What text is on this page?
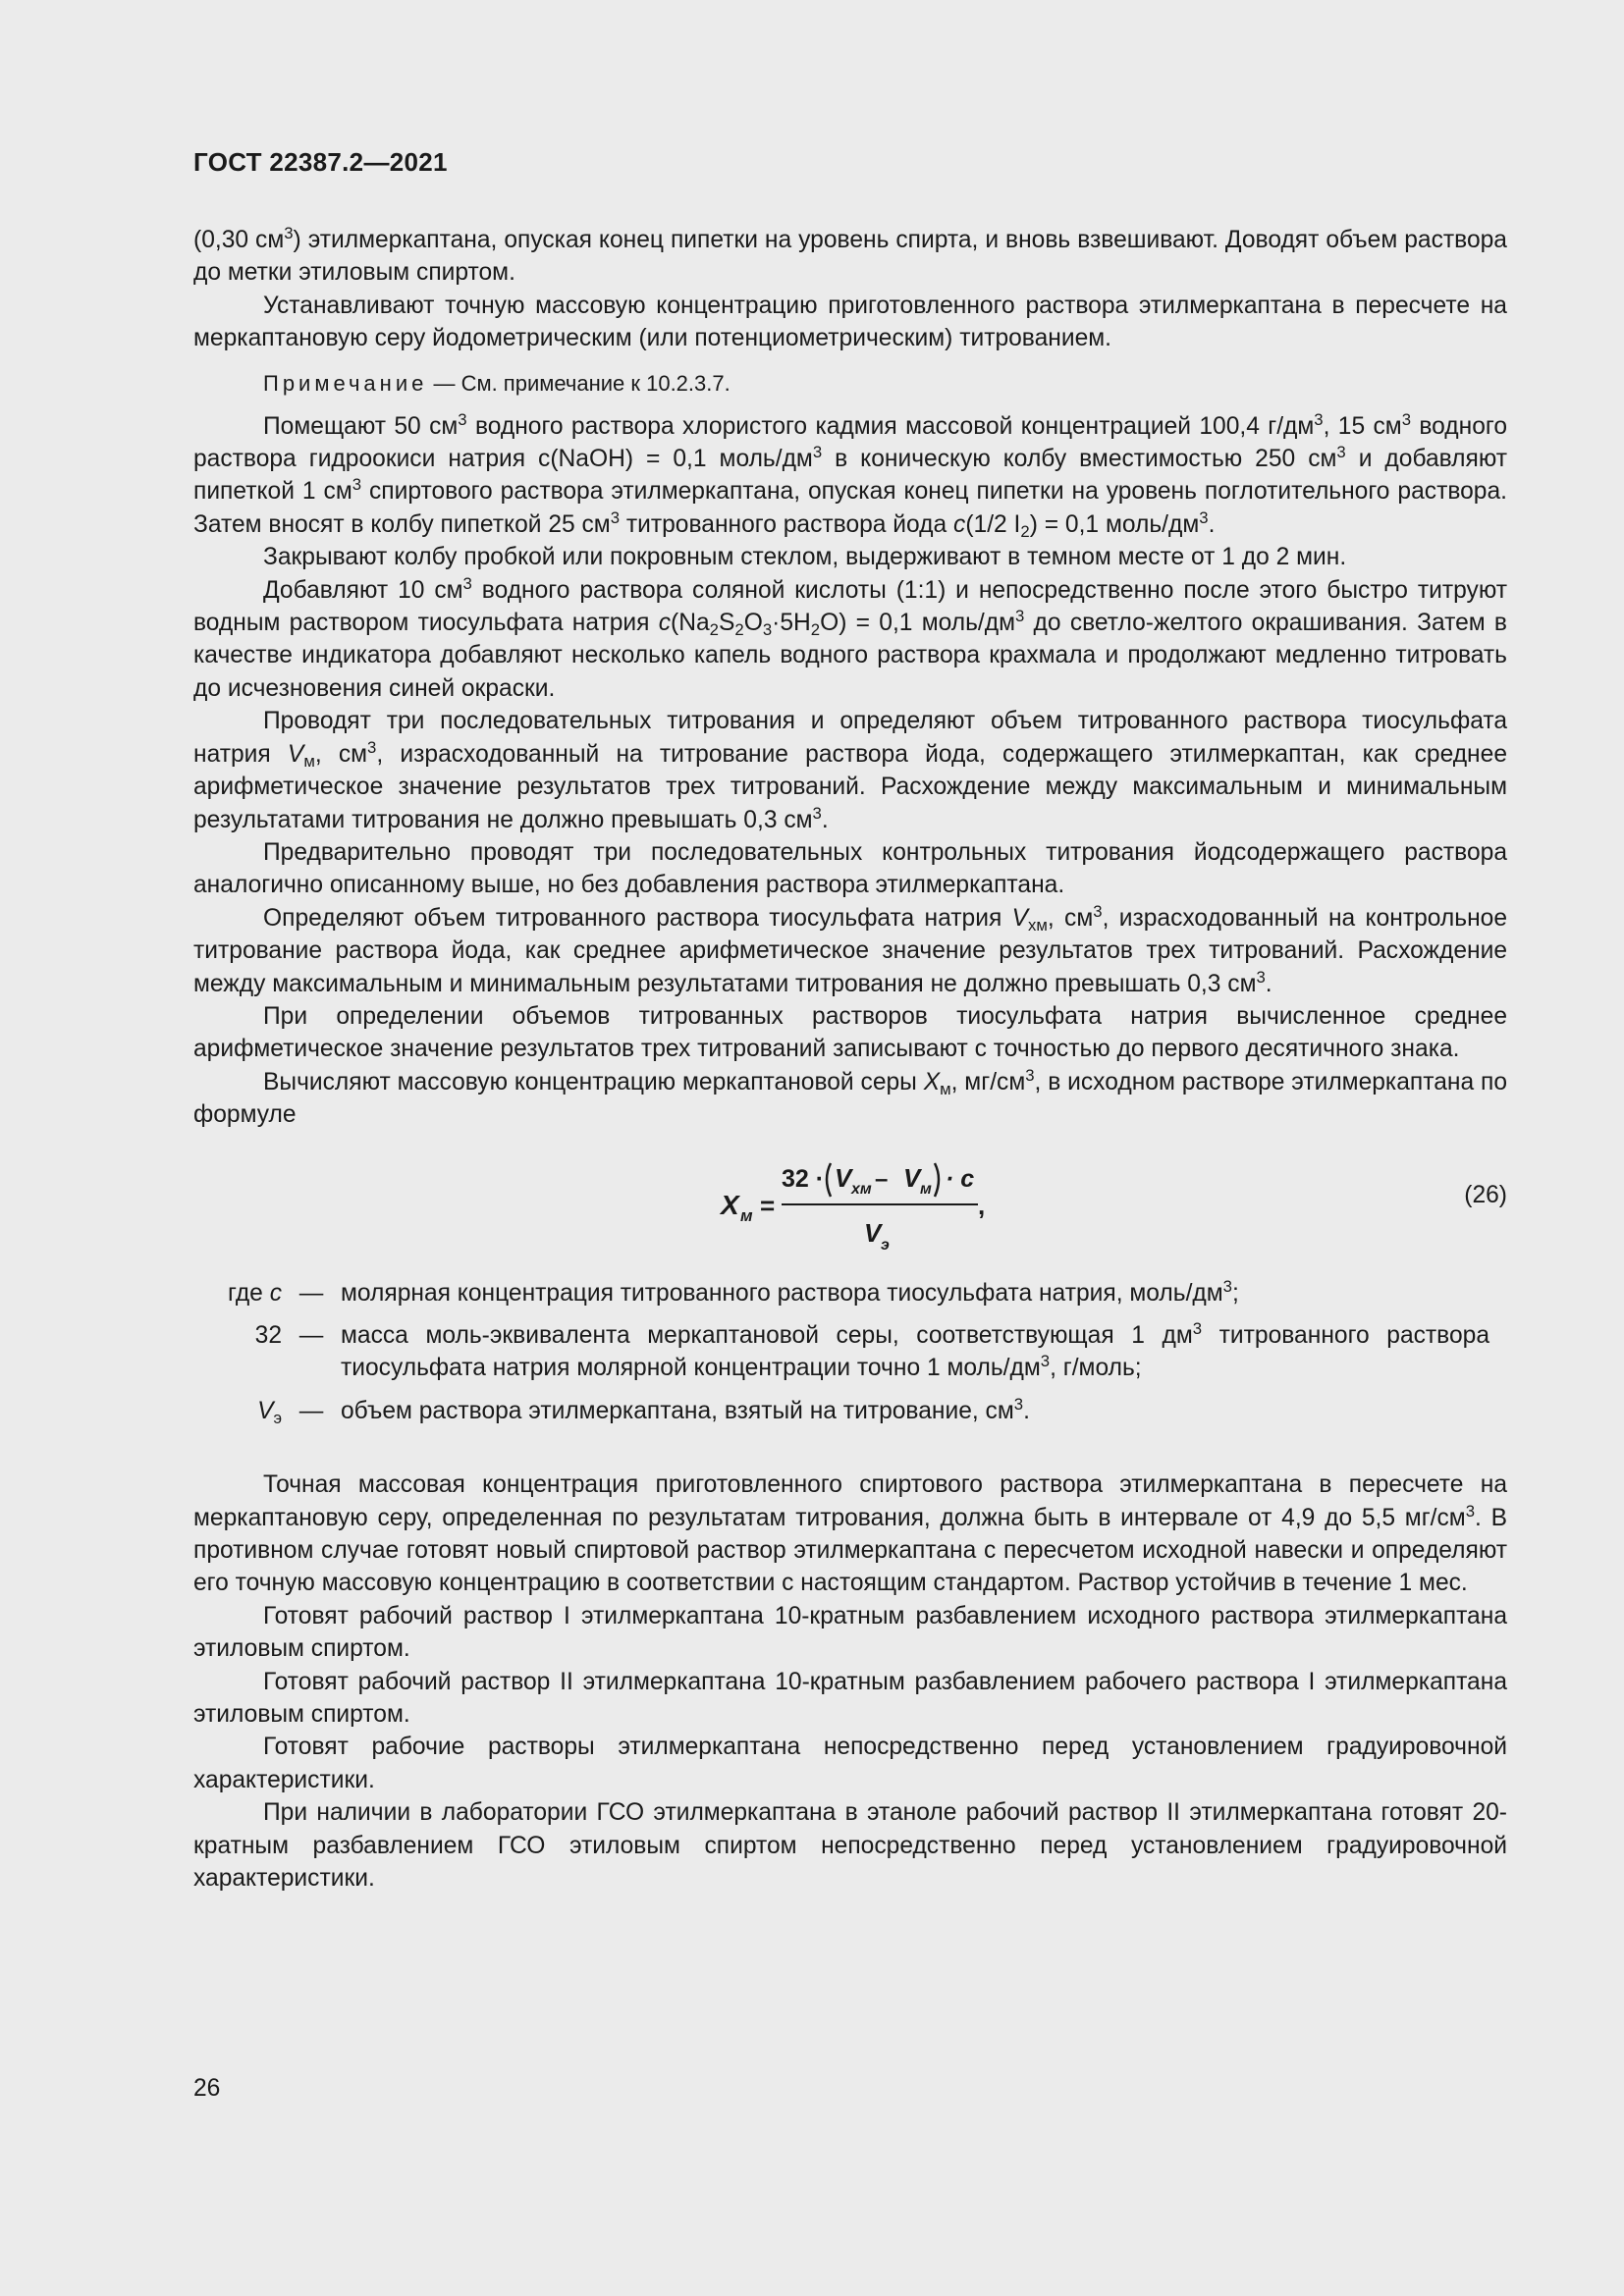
ГОСТ 22387.2—2021

(0,30 $см^3$) этилмеркаптана, опуская конец пипетки на уровень спирта, и вновь взвешивают. Доводят объем раствора до метки этиловым спиртом.

Устанавливают точную массовую концентрацию приготовленного раствора этилмеркаптана в пересчете на меркаптановую серу йодометрическим (или потенциометрическим) титрованием.

Примечание — См. примечание к 10.2.3.7.

Помещают 50 $см^3$ водного раствора хлористого кадмия массовой концентрацией 100,4 $г/дм^3$, 15 $см^3$ водного раствора гидроокиси натрия c(NaOH) = 0,1 моль/$дм^3$ в коническую колбу вместимостью 250 $см^3$ и добавляют пипеткой 1 $см^3$ спиртового раствора этилмеркаптана, опуская конец пипетки на уровень поглотительного раствора. Затем вносят в колбу пипеткой 25 $см^3$ титрованного раствора йода c(1/2 $I_2) = 0,1$ моль/$дм^3$.

Закрывают колбу пробкой или покровным стеклом, выдерживают в темном месте от 1 до 2 мин.

Добавляют 10 $см^3$ водного раствора соляной кислоты (1:1) и непосредственно после этого быстро титруют водным раствором тиосульфата натрия $c(Na_2S_2O_3\cdot 5H_2O) = 0,1$ моль/$дм^3$ до светло-желтого окрашивания. Затем в качестве индикатора добавляют несколько капель водного раствора крахмала и продолжают медленно титровать до исчезновения синей окраски.

Проводят три последовательных титрования и определяют объем титрованного раствора тиосульфата натрия $V_м$, $см^3$, израсходованный на титрование раствора йода, содержащего этилмеркаптан, как среднее арифметическое значение результатов трех титрований. Расхождение между максимальным и минимальным результатами титрования не должно превышать 0,3 $см^3$.

Предварительно проводят три последовательных контрольных титрования йодсодержащего раствора аналогично описанному выше, но без добавления раствора этилмеркаптана.

Определяют объем титрованного раствора тиосульфата натрия $V_{хм}$, $см^3$, израсходованный на контрольное титрование раствора йода, как среднее арифметическое значение результатов трех титрований. Расхождение между максимальным и минимальным результатами титрования не должно превышать 0,3 $см^3$.

При определении объемов титрованных растворов тиосульфата натрия вычисленное среднее арифметическое значение результатов трех титрований записывают с точностью до первого десятичного знака.

Вычисляют массовую концентрацию меркаптановой серы $X_м$, $мг/см^3$, в исходном растворе этилмеркаптана по формуле

X м =
32 · V хм – V м · c
V э
,	(26)
где c — молярная концентрация титрованного раствора тиосульфата натрия, моль/$дм^3$;
32 — масса моль-эквивалента меркаптановой серы, соответствующая 1 $дм^3$ титрованного раствора тиосульфата натрия молярной концентрации точно 1 моль/$дм^3$, г/моль;
$V_э$ — объем раствора этилмеркаптана, взятый на титрование, $см^3$.

Точная массовая концентрация приготовленного спиртового раствора этилмеркаптана в пересчете на меркаптановую серу, определенная по результатам титрования, должна быть в интервале от 4,9 до 5,5 $мг/см^3$. В противном случае готовят новый спиртовой раствор этилмеркаптана с пересчетом исходной навески и определяют его точную массовую концентрацию в соответствии с настоящим стандартом. Раствор устойчив в течение 1 мес.

Готовят рабочий раствор I этилмеркаптана 10-кратным разбавлением исходного раствора этилмеркаптана этиловым спиртом.

Готовят рабочий раствор II этилмеркаптана 10-кратным разбавлением рабочего раствора I этилмеркаптана этиловым спиртом.

Готовят рабочие растворы этилмеркаптана непосредственно перед установлением градуировочной характеристики.

При наличии в лаборатории ГСО этилмеркаптана в этаноле рабочий раствор II этилмеркаптана готовят 20-кратным разбавлением ГСО этиловым спиртом непосредственно перед установлением градуировочной характеристики.

26
